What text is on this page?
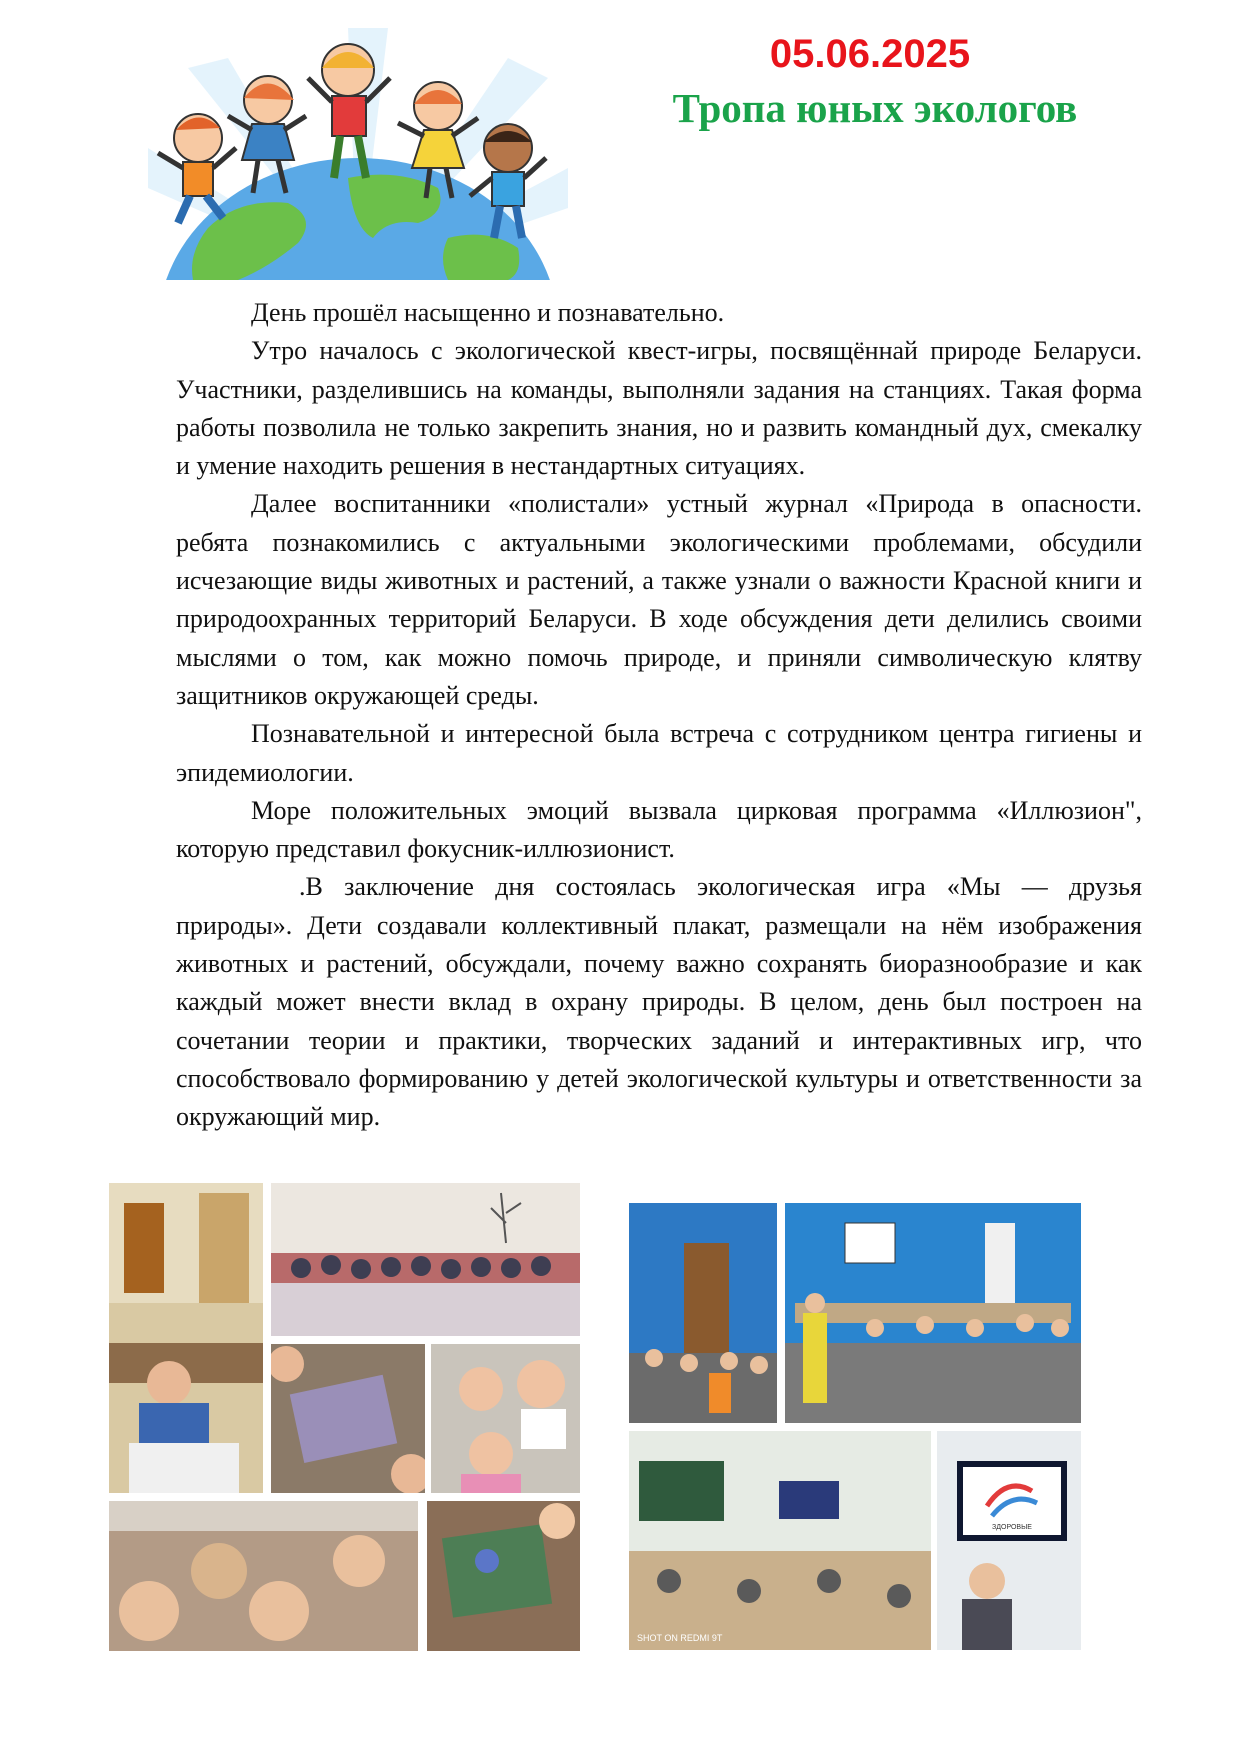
05.06.2025
Тропа юных экологов

День прошёл насыщенно и познавательно.

Утро началось с экологической квест-игры, посвящённай природе Беларуси. Участники, разделившись на команды, выполняли задания на станциях. Такая форма работы позволила не только закрепить знания, но и развить командный дух, смекалку и умение находить решения в нестандартных ситуациях.

Далее воспитанники «полистали» устный журнал «Природа в опасности. ребята познакомились с актуальными экологическими проблемами, обсудили исчезающие виды животных и растений, а также узнали о важности Красной книги и природоохранных территорий Беларуси. В ходе обсуждения дети делились своими мыслями о том, как можно помочь природе, и приняли символическую клятву защитников окружающей среды.

Познавательной и интересной была встреча с сотрудником центра гигиены и эпидемиологии.

Море положительных эмоций вызвала цирковая программа «Иллюзион", которую представил фокусник-иллюзионист.

.В заключение дня состоялась экологическая игра «Мы — друзья природы». Дети создавали коллективный плакат, размещали на нём изображения животных и растений, обсуждали, почему важно сохранять биоразнообразие и как каждый может внести вклад в охрану природы. В целом, день был построен на сочетании теории и практики, творческих заданий и интерактивных игр, что способствовало формированию у детей экологической культуры и ответственности за окружающий мир.

SHOT ON REDMI 9T
ЗДОРОВЫЕ
